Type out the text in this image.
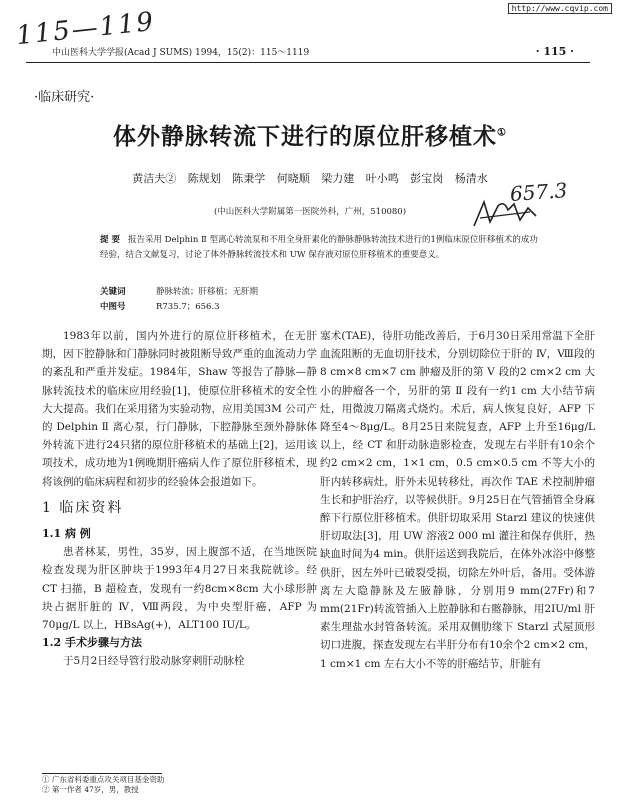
http://www.cqvip.com
115—119
657.3
中山医科大学学报(Acad J SUMS) 1994，15(2)：115～1119	· 115 ·
·临床研究·
体外静脉转流下进行的原位肝移植术①
黄洁夫② 陈规划 陈秉学 何晓顺 梁力建 叶小鸣 彭宝岗 杨清水
(中山医科大学附属第一医院外科，广州，510080)
提 要 报告采用 Delphin Ⅱ 型离心转流泵和不用全身肝素化的静脉静脉转流技术进行的1例临床原位肝移植术的成功经验，结合文献复习，讨论了体外静脉转流技术和 UW 保存液对原位肝移植术的重要意义。
关键词	静脉转流；肝移植；无肝期
中图号	R735.7；656.3

1983年以前，国内外进行的原位肝移植术，在无肝期，因下腔静脉和门静脉同时被阻断导致严重的血流动力学的紊乱和严重并发症。1984年，Shaw 等报告了静脉—静脉转流技术的临床应用经验[1]，使原位肝移植术的安全性大大提高。我们在采用猪为实验动物，应用美国3M 公司产的 Delphin Ⅱ 离心泵，行门静脉，下腔静脉至颈外静脉体外转流下进行24只猪的原位肝移植术的基础上[2]，运用该项技术，成功地为1例晚期肝癌病人作了原位肝移植术，现将该例的临床病程和初步的经验体会报道如下。

1 临床资料

1.1 病 例

患者林某，男性，35岁，因上腹部不适，在当地医院检查发现为肝区肿块于1993年4月27日来我院就诊。经 CT 扫描，B 超检查，发现有一约8cm×8cm 大小球形肿块占据肝脏的 Ⅳ，Ⅷ两段，为中央型肝癌，AFP 为70μg/L 以上，HBsAg(+)，ALT100 IU/L。

1.2 手术步骤与方法

于5月2日经导管行股动脉穿刺肝动脉栓

塞术(TAE)，待肝功能改善后，于6月30日采用常温下全肝血流阻断的无血切肝技术，分别切除位于肝的 Ⅳ，Ⅷ段的8 cm×8 cm×7 cm 肿瘤及肝的第 Ⅴ 段的2 cm×2 cm 大小的肿瘤各一个，另肝的第 Ⅱ 段有一约1 cm 大小结节病灶，用微波刀隔离式烧灼。术后，病人恢复良好，AFP 下降至4～8μg/L。8月25日来院复查，AFP 上升至16μg/L 以上，经 CT 和肝动脉造影检查，发现左右半肝有10余个约2 cm×2 cm，1×1 cm，0.5 cm×0.5 cm 不等大小的肝内转移病灶，肝外未见转移灶，再次作 TAE 术控制肿瘤生长和护肝治疗，以等候供肝。9月25日在气管插管全身麻醉下行原位肝移植术。供肝切取采用 Starzl 建议的快速供肝切取法[3]，用 UW 溶液2 000 ml 灌注和保存供肝，热缺血时间为4 min。供肝运送到我院后，在体外冰浴中修整供肝，因左外叶已破裂受损，切除左外叶后，备用。受体游离左大隐静脉及左腋静脉，分别用9 mm(27Fr)和7 mm(21Fr)转流管插入上腔静脉和右髂静脉，用2IU/ml 肝素生理盐水封管备转流。采用双侧肋缘下 Starzl 式屋顶形切口进腹，探查发现左右半肝分布有10余个2 cm×2 cm，1 cm×1 cm 左右大小不等的肝癌结节，肝脏有

① 广东省科委重点攻关项目基金资助
② 第一作者 47岁，男，教授
